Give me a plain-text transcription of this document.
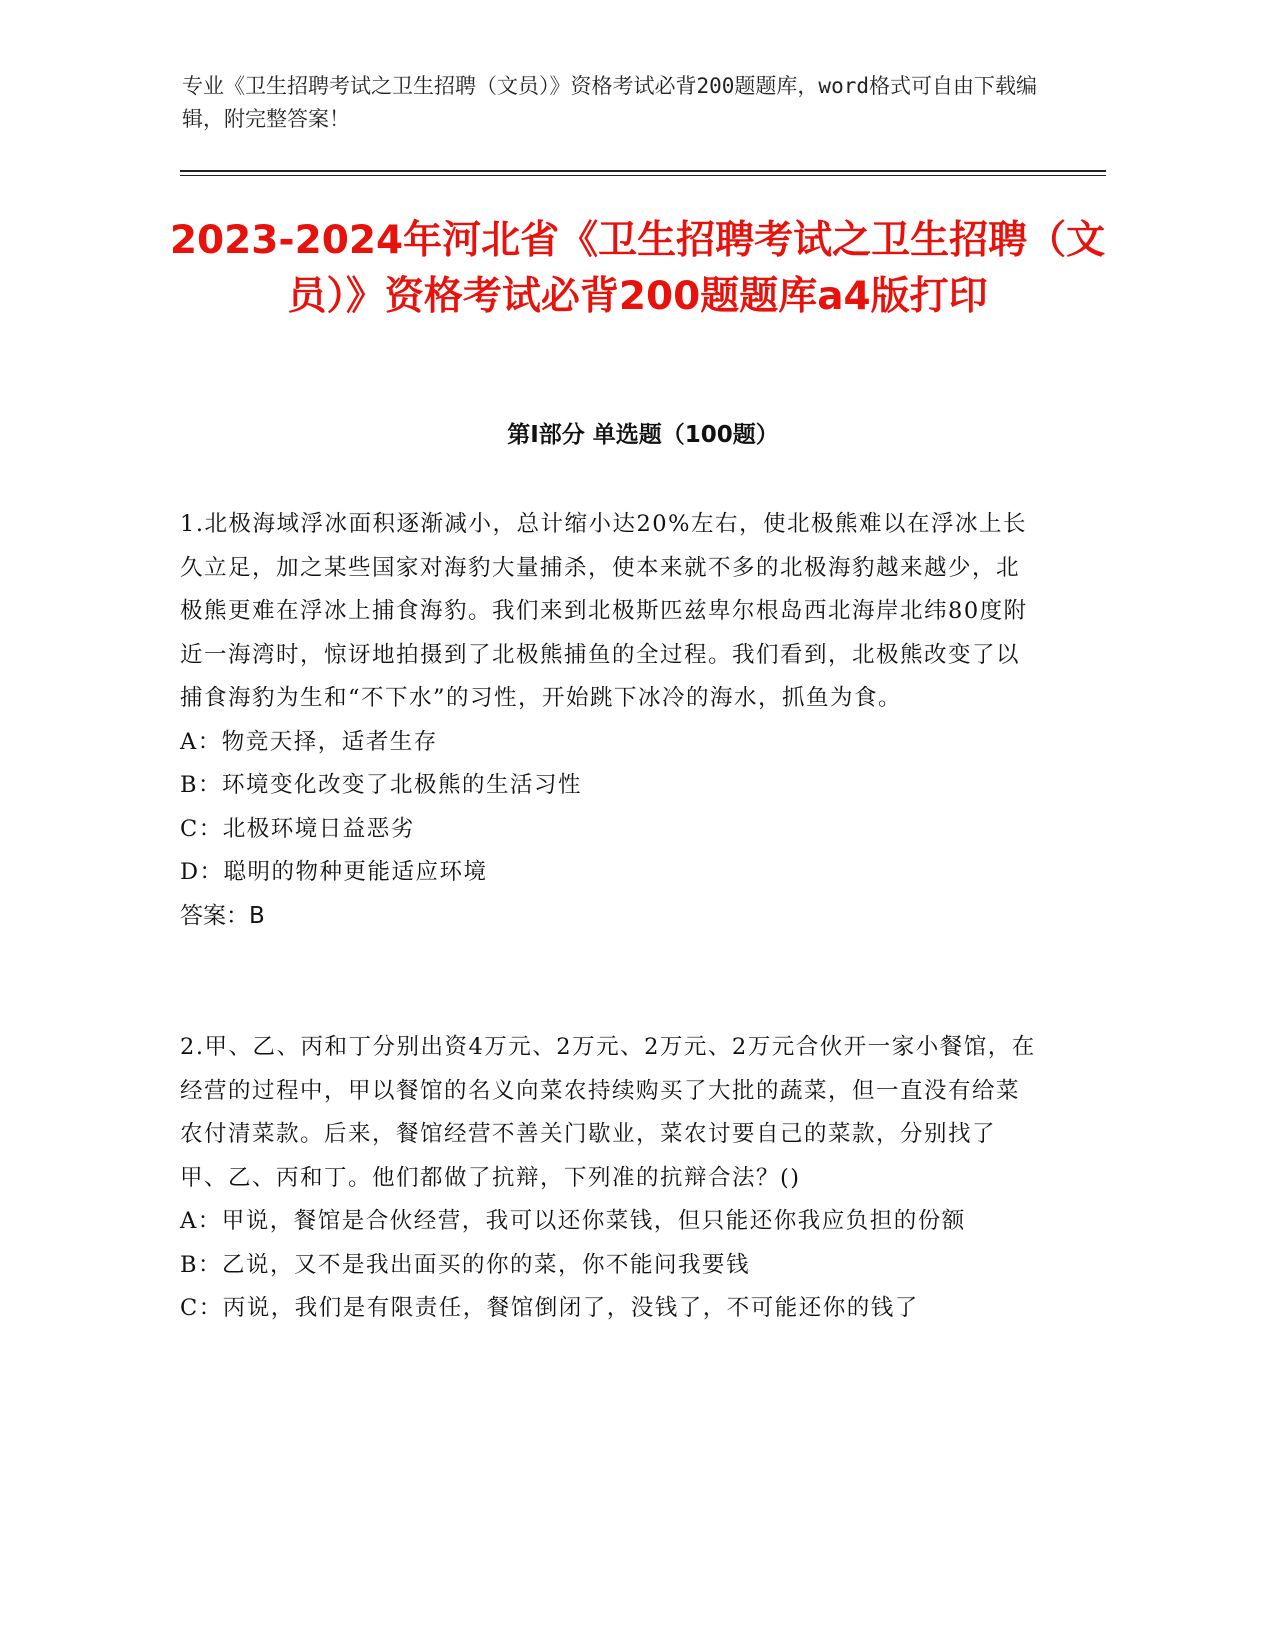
专业《卫生招聘考试之卫生招聘（文员）》资格考试必背200题题库，word格式可自由下载编辑，附完整答案！
2023-2024年河北省《卫生招聘考试之卫生招聘（文员）》资格考试必背200题题库a4版打印
第I部分 单选题（100题）

1.北极海域浮冰面积逐渐减小，总计缩小达20%左右，使北极熊难以在浮冰上长久立足，加之某些国家对海豹大量捕杀，使本来就不多的北极海豹越来越少，北极熊更难在浮冰上捕食海豹。我们来到北极斯匹兹卑尔根岛西北海岸北纬80度附近一海湾时，惊讶地拍摄到了北极熊捕鱼的全过程。我们看到，北极熊改变了以捕食海豹为生和“不下水”的习性，开始跳下冰冷的海水，抓鱼为食。

A：物竞天择，适者生存

B：环境变化改变了北极熊的生活习性

C：北极环境日益恶劣

D：聪明的物种更能适应环境

答案：B

2.甲、乙、丙和丁分别出资4万元、2万元、2万元、2万元合伙开一家小餐馆，在经营的过程中，甲以餐馆的名义向菜农持续购买了大批的蔬菜，但一直没有给菜农付清菜款。后来，餐馆经营不善关门歇业，菜农讨要自己的菜款，分别找了甲、乙、丙和丁。他们都做了抗辩，下列准的抗辩合法？()

A：甲说，餐馆是合伙经营，我可以还你菜钱，但只能还你我应负担的份额

B：乙说，又不是我出面买的你的菜，你不能问我要钱

C：丙说，我们是有限责任，餐馆倒闭了，没钱了，不可能还你的钱了
